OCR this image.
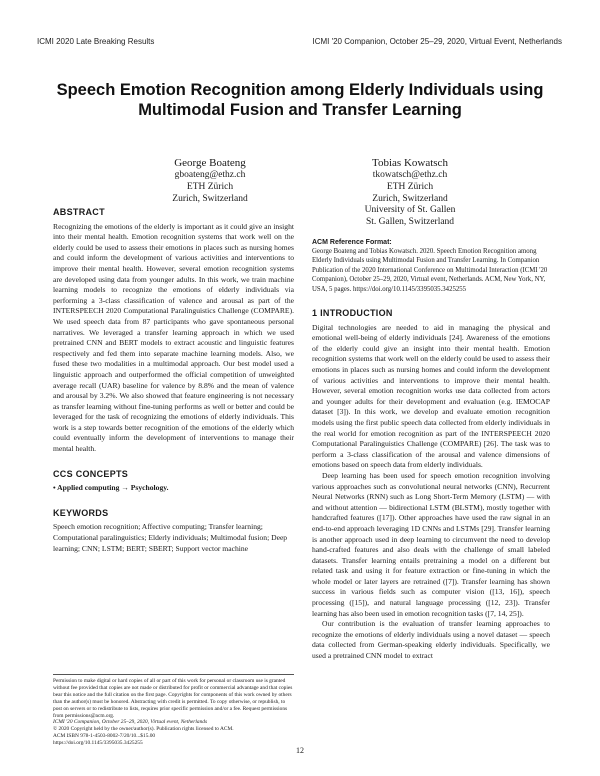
ICMI 2020 Late Breaking Results	ICMI '20 Companion, October 25–29, 2020, Virtual Event, Netherlands
Speech Emotion Recognition among Elderly Individuals using
Multimodal Fusion and Transfer Learning
George Boateng
gboateng@ethz.ch
ETH Zürich
Zurich, Switzerland
Tobias Kowatsch
tkowatsch@ethz.ch
ETH Zürich
Zurich, Switzerland
University of St. Gallen
St. Gallen, Switzerland
ABSTRACT

Recognizing the emotions of the elderly is important as it could give an insight into their mental health. Emotion recognition systems that work well on the elderly could be used to assess their emotions in places such as nursing homes and could inform the development of various activities and interventions to improve their mental health. However, several emotion recognition systems are developed using data from younger adults. In this work, we train machine learning models to recognize the emotions of elderly individuals via performing a 3-class classification of valence and arousal as part of the INTERSPEECH 2020 Computational Paralinguistics Challenge (COMPARE). We used speech data from 87 participants who gave spontaneous personal narratives. We leveraged a transfer learning approach in which we used pretrained CNN and BERT models to extract acoustic and linguistic features respectively and fed them into separate machine learning models. Also, we fused these two modalities in a multimodal approach. Our best model used a linguistic approach and outperformed the official competition of unweighted average recall (UAR) baseline for valence by 8.8% and the mean of valence and arousal by 3.2%. We also showed that feature engineering is not necessary as transfer learning without fine-tuning performs as well or better and could be leveraged for the task of recognizing the emotions of elderly individuals. This work is a step towards better recognition of the emotions of the elderly which could eventually inform the development of interventions to manage their mental health.

CCS CONCEPTS

• Applied computing → Psychology.

KEYWORDS

Speech emotion recognition; Affective computing; Transfer learning; Computational paralinguistics; Elderly individuals; Multimodal fusion; Deep learning; CNN; LSTM; BERT; SBERT; Support vector machine

Permission to make digital or hard copies of all or part of this work for personal or classroom use is granted without fee provided that copies are not made or distributed for profit or commercial advantage and that copies bear this notice and the full citation on the first page. Copyrights for components of this work owned by others than the author(s) must be honored. Abstracting with credit is permitted. To copy otherwise, or republish, to post on servers or to redistribute to lists, requires prior specific permission and/or a fee. Request permissions from permissions@acm.org.
ICMI '20 Companion, October 25–29, 2020, Virtual event, Netherlands
© 2020 Copyright held by the owner/author(s). Publication rights licensed to ACM.
ACM ISBN 978-1-4503-8002-7/20/10...$15.00
https://doi.org/10.1145/3395035.3425255
ACM Reference Format:

George Boateng and Tobias Kowatsch. 2020. Speech Emotion Recognition among Elderly Individuals using Multimodal Fusion and Transfer Learning. In Companion Publication of the 2020 International Conference on Multimodal Interaction (ICMI '20 Companion), October 25–29, 2020, Virtual event, Netherlands. ACM, New York, NY, USA, 5 pages. https://doi.org/10.1145/3395035.3425255

1 INTRODUCTION

Digital technologies are needed to aid in managing the physical and emotional well-being of elderly individuals [24]. Awareness of the emotions of the elderly could give an insight into their mental health. Emotion recognition systems that work well on the elderly could be used to assess their emotions in places such as nursing homes and could inform the development of various activities and interventions to improve their mental health. However, several emotion recognition works use data collected from actors and younger adults for their development and evaluation (e.g. IEMOCAP dataset [3]). In this work, we develop and evaluate emotion recognition models using the first public speech data collected from elderly individuals in the real world for emotion recognition as part of the INTERSPEECH 2020 Computational Paralinguistics Challenge (COMPARE) [26]. The task was to perform a 3-class classification of the arousal and valence dimensions of emotions based on speech data from elderly individuals.

Deep learning has been used for speech emotion recognition involving various approaches such as convolutional neural networks (CNN), Recurrent Neural Networks (RNN) such as Long Short-Term Memory (LSTM) — with and without attention — bidirectional LSTM (BLSTM), mostly together with handcrafted features ([17]). Other approaches have used the raw signal in an end-to-end approach leveraging 1D CNNs and LSTMs [29]. Transfer learning is another approach used in deep learning to circumvent the need to develop hand-crafted features and also deals with the challenge of small labeled datasets. Transfer learning entails pretraining a model on a different but related task and using it for feature extraction or fine-tuning in which the whole model or later layers are retrained ([7]). Transfer learning has shown success in various fields such as computer vision ([13, 16]), speech processing ([15]), and natural language processing ([12, 23]). Transfer learning has also been used in emotion recognition tasks ([7, 14, 25]).

Our contribution is the evaluation of transfer learning approaches to recognize the emotions of elderly individuals using a novel dataset — speech data collected from German-speaking elderly individuals. Specifically, we used a pretrained CNN model to extract

12
